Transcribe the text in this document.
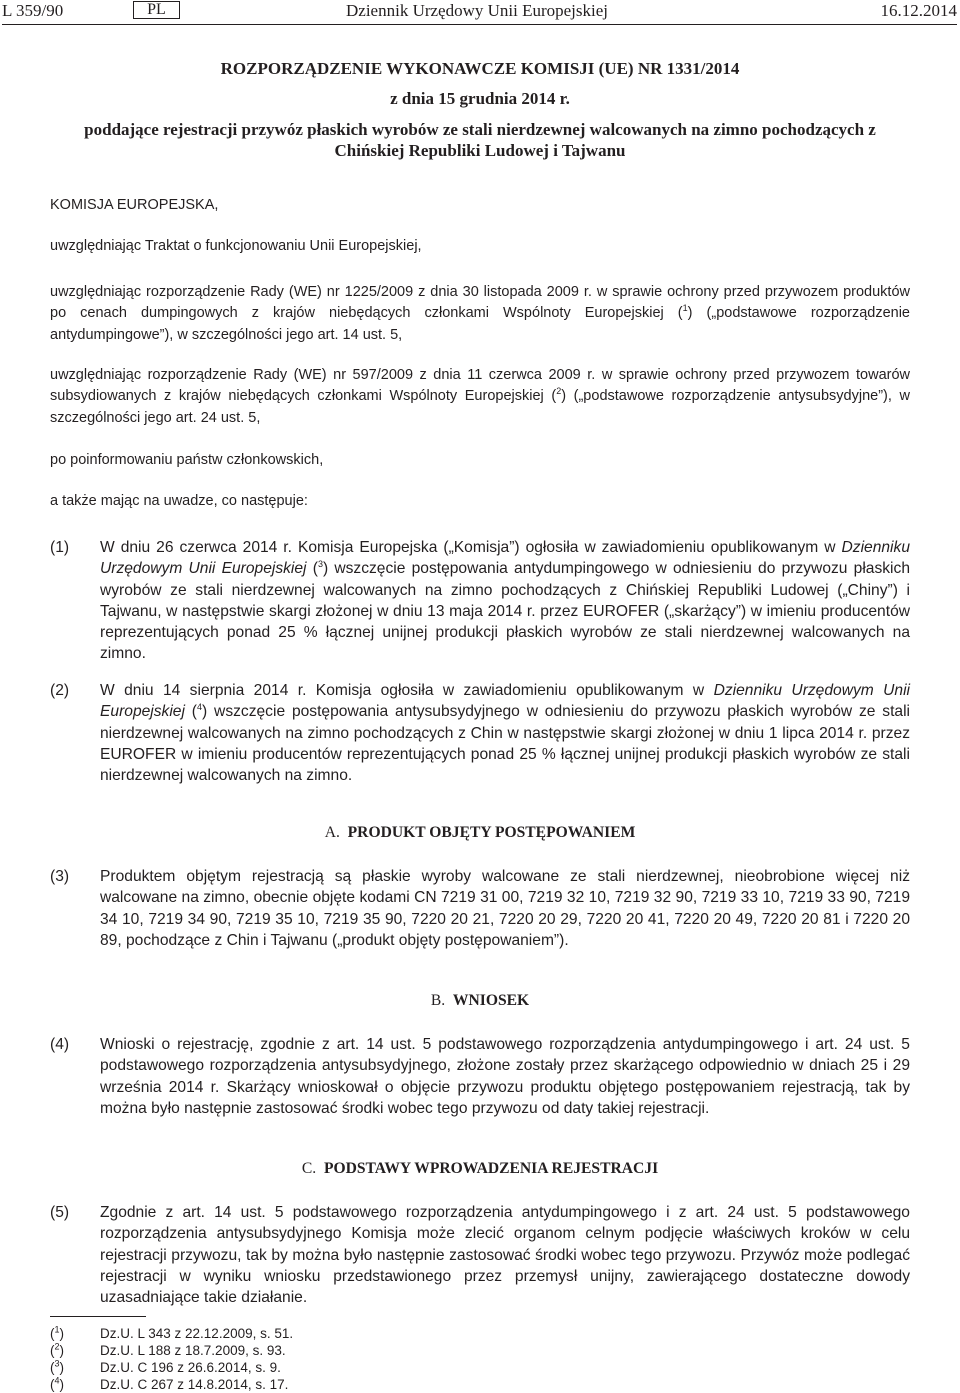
L 359/90	PL	Dziennik Urzędowy Unii Europejskiej	16.12.2014
ROZPORZĄDZENIE WYKONAWCZE KOMISJI (UE) NR 1331/2014
z dnia 15 grudnia 2014 r.
poddające rejestracji przywóz płaskich wyrobów ze stali nierdzewnej walcowanych na zimno pochodzących z Chińskiej Republiki Ludowej i Tajwanu
KOMISJA EUROPEJSKA,
uwzględniając Traktat o funkcjonowaniu Unii Europejskiej,
uwzględniając rozporządzenie Rady (WE) nr 1225/2009 z dnia 30 listopada 2009 r. w sprawie ochrony przed przywozem produktów po cenach dumpingowych z krajów niebędących członkami Wspólnoty Europejskiej ($^1$) („podstawowe rozporządzenie antydumpingowe”), w szczególności jego art. 14 ust. 5,
uwzględniając rozporządzenie Rady (WE) nr 597/2009 z dnia 11 czerwca 2009 r. w sprawie ochrony przed przywozem towarów subsydiowanych z krajów niebędących członkami Wspólnoty Europejskiej ($^2$) („podstawowe rozporządzenie antysubsydyjne”), w szczególności jego art. 24 ust. 5,
po poinformowaniu państw członkowskich,
a także mając na uwadze, co następuje:
(1) W dniu 26 czerwca 2014 r. Komisja Europejska („Komisja”) ogłosiła w zawiadomieniu opublikowanym w Dzienniku Urzędowym Unii Europejskiej ($^3$) wszczęcie postępowania antydumpingowego w odniesieniu do przywozu płaskich wyrobów ze stali nierdzewnej walcowanych na zimno pochodzących z Chińskiej Republiki Ludowej („Chiny”) i Tajwanu, w następstwie skargi złożonej w dniu 13 maja 2014 r. przez EUROFER („skarżący”) w imieniu producentów reprezentujących ponad 25 % łącznej unijnej produkcji płaskich wyrobów ze stali nierdzewnej walcowanych na zimno.
(2) W dniu 14 sierpnia 2014 r. Komisja ogłosiła w zawiadomieniu opublikowanym w Dzienniku Urzędowym Unii Europejskiej ($^4$) wszczęcie postępowania antysubsydyjnego w odniesieniu do przywozu płaskich wyrobów ze stali nierdzewnej walcowanych na zimno pochodzących z Chin w następstwie skargi złożonej w dniu 1 lipca 2014 r. przez EUROFER w imieniu producentów reprezentujących ponad 25 % łącznej unijnej produkcji płaskich wyrobów ze stali nierdzewnej walcowanych na zimno.
A. PRODUKT OBJĘTY POSTĘPOWANIEM
(3) Produktem objętym rejestracją są płaskie wyroby walcowane ze stali nierdzewnej, nieobrobione więcej niż walcowane na zimno, obecnie objęte kodami CN 7219 31 00, 7219 32 10, 7219 32 90, 7219 33 10, 7219 33 90, 7219 34 10, 7219 34 90, 7219 35 10, 7219 35 90, 7220 20 21, 7220 20 29, 7220 20 41, 7220 20 49, 7220 20 81 i 7220 20 89, pochodzące z Chin i Tajwanu („produkt objęty postępowaniem”).
B. WNIOSEK
(4) Wnioski o rejestrację, zgodnie z art. 14 ust. 5 podstawowego rozporządzenia antydumpingowego i art. 24 ust. 5 podstawowego rozporządzenia antysubsydyjnego, złożone zostały przez skarżącego odpowiednio w dniach 25 i 29 września 2014 r. Skarżący wnioskował o objęcie przywozu produktu objętego postępowaniem rejestracją, tak by można było następnie zastosować środki wobec tego przywozu od daty takiej rejestracji.
C. PODSTAWY WPROWADZENIA REJESTRACJI
(5) Zgodnie z art. 14 ust. 5 podstawowego rozporządzenia antydumpingowego i z art. 24 ust. 5 podstawowego rozporządzenia antysubsydyjnego Komisja może zlecić organom celnym podjęcie właściwych kroków w celu rejestracji przywozu, tak by można było następnie zastosować środki wobec tego przywozu. Przywóz może podlegać rejestracji w wyniku wniosku przedstawionego przez przemysł unijny, zawierającego dostateczne dowody uzasadniające takie działanie.
($^1$)	Dz.U. L 343 z 22.12.2009, s. 51.
($^2$)	Dz.U. L 188 z 18.7.2009, s. 93.
($^3$)	Dz.U. C 196 z 26.6.2014, s. 9.
($^4$)	Dz.U. C 267 z 14.8.2014, s. 17.
